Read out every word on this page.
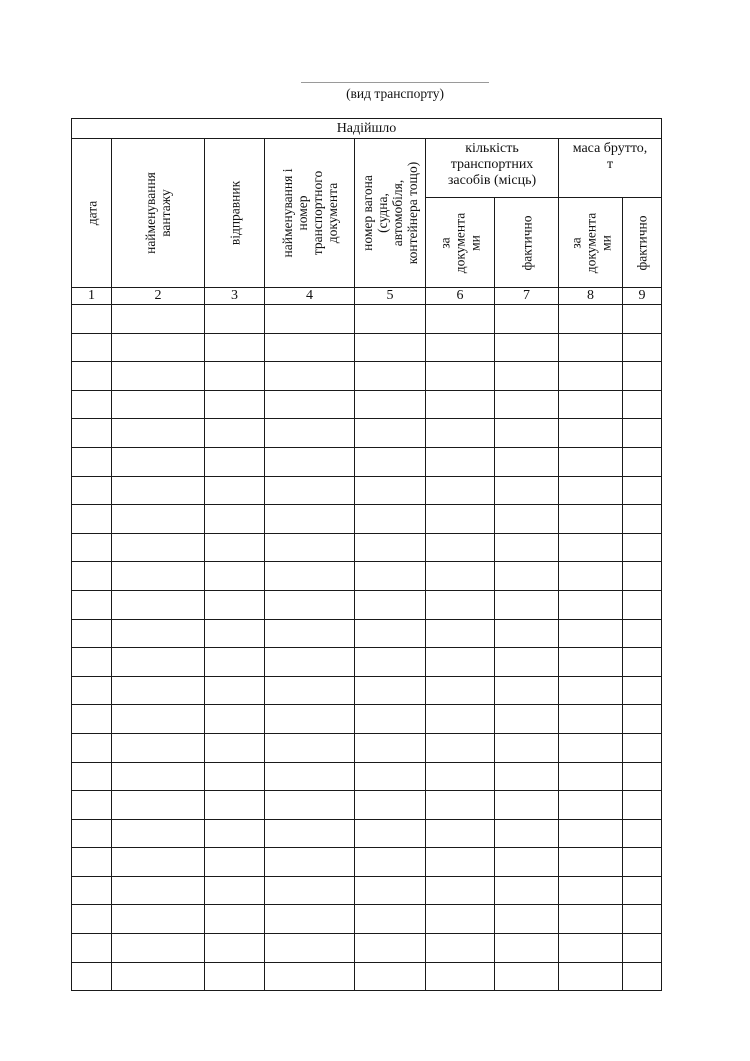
(вид транспорту)
Надійшло								

дата	найменування вантажу	відправник	найменування і номер транспортного документа	номер вагона (судна, автомобіля, контейнера тощо)	кількість
транспортних
засобів (місць)		маса брутто,
т	

					за документа ми	фактично	за документа ми	фактично

1	2	3	4	5	6	7	8	9
